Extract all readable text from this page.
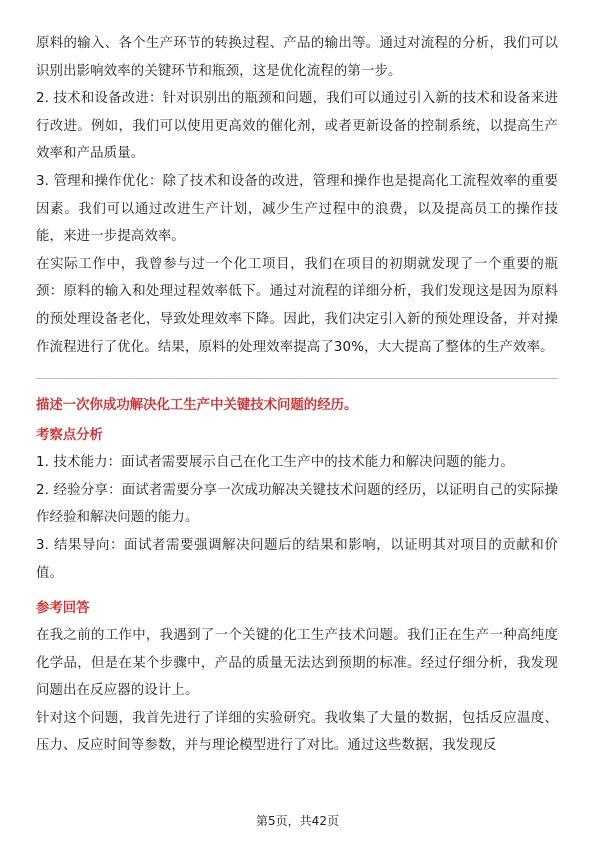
原料的输入、各个生产环节的转换过程、产品的输出等。通过对流程的分析，我们可以识别出影响效率的关键环节和瓶颈，这是优化流程的第一步。

2. 技术和设备改进：针对识别出的瓶颈和问题，我们可以通过引入新的技术和设备来进行改进。例如，我们可以使用更高效的催化剂，或者更新设备的控制系统，以提高生产效率和产品质量。

3. 管理和操作优化：除了技术和设备的改进，管理和操作也是提高化工流程效率的重要因素。我们可以通过改进生产计划，减少生产过程中的浪费，以及提高员工的操作技能，来进一步提高效率。

在实际工作中，我曾参与过一个化工项目，我们在项目的初期就发现了一个重要的瓶颈：原料的输入和处理过程效率低下。通过对流程的详细分析，我们发现这是因为原料的预处理设备老化，导致处理效率下降。因此，我们决定引入新的预处理设备，并对操作流程进行了优化。结果，原料的处理效率提高了30%，大大提高了整体的生产效率。

描述一次你成功解决化工生产中关键技术问题的经历。

考察点分析

1. 技术能力：面试者需要展示自己在化工生产中的技术能力和解决问题的能力。

2. 经验分享：面试者需要分享一次成功解决关键技术问题的经历，以证明自己的实际操作经验和解决问题的能力。

3. 结果导向：面试者需要强调解决问题后的结果和影响，以证明其对项目的贡献和价值。

参考回答

在我之前的工作中，我遇到了一个关键的化工生产技术问题。我们正在生产一种高纯度化学品，但是在某个步骤中，产品的质量无法达到预期的标准。经过仔细分析，我发现问题出在反应器的设计上。

针对这个问题，我首先进行了详细的实验研究。我收集了大量的数据，包括反应温度、压力、反应时间等参数，并与理论模型进行了对比。通过这些数据，我发现反

第5页，共42页
